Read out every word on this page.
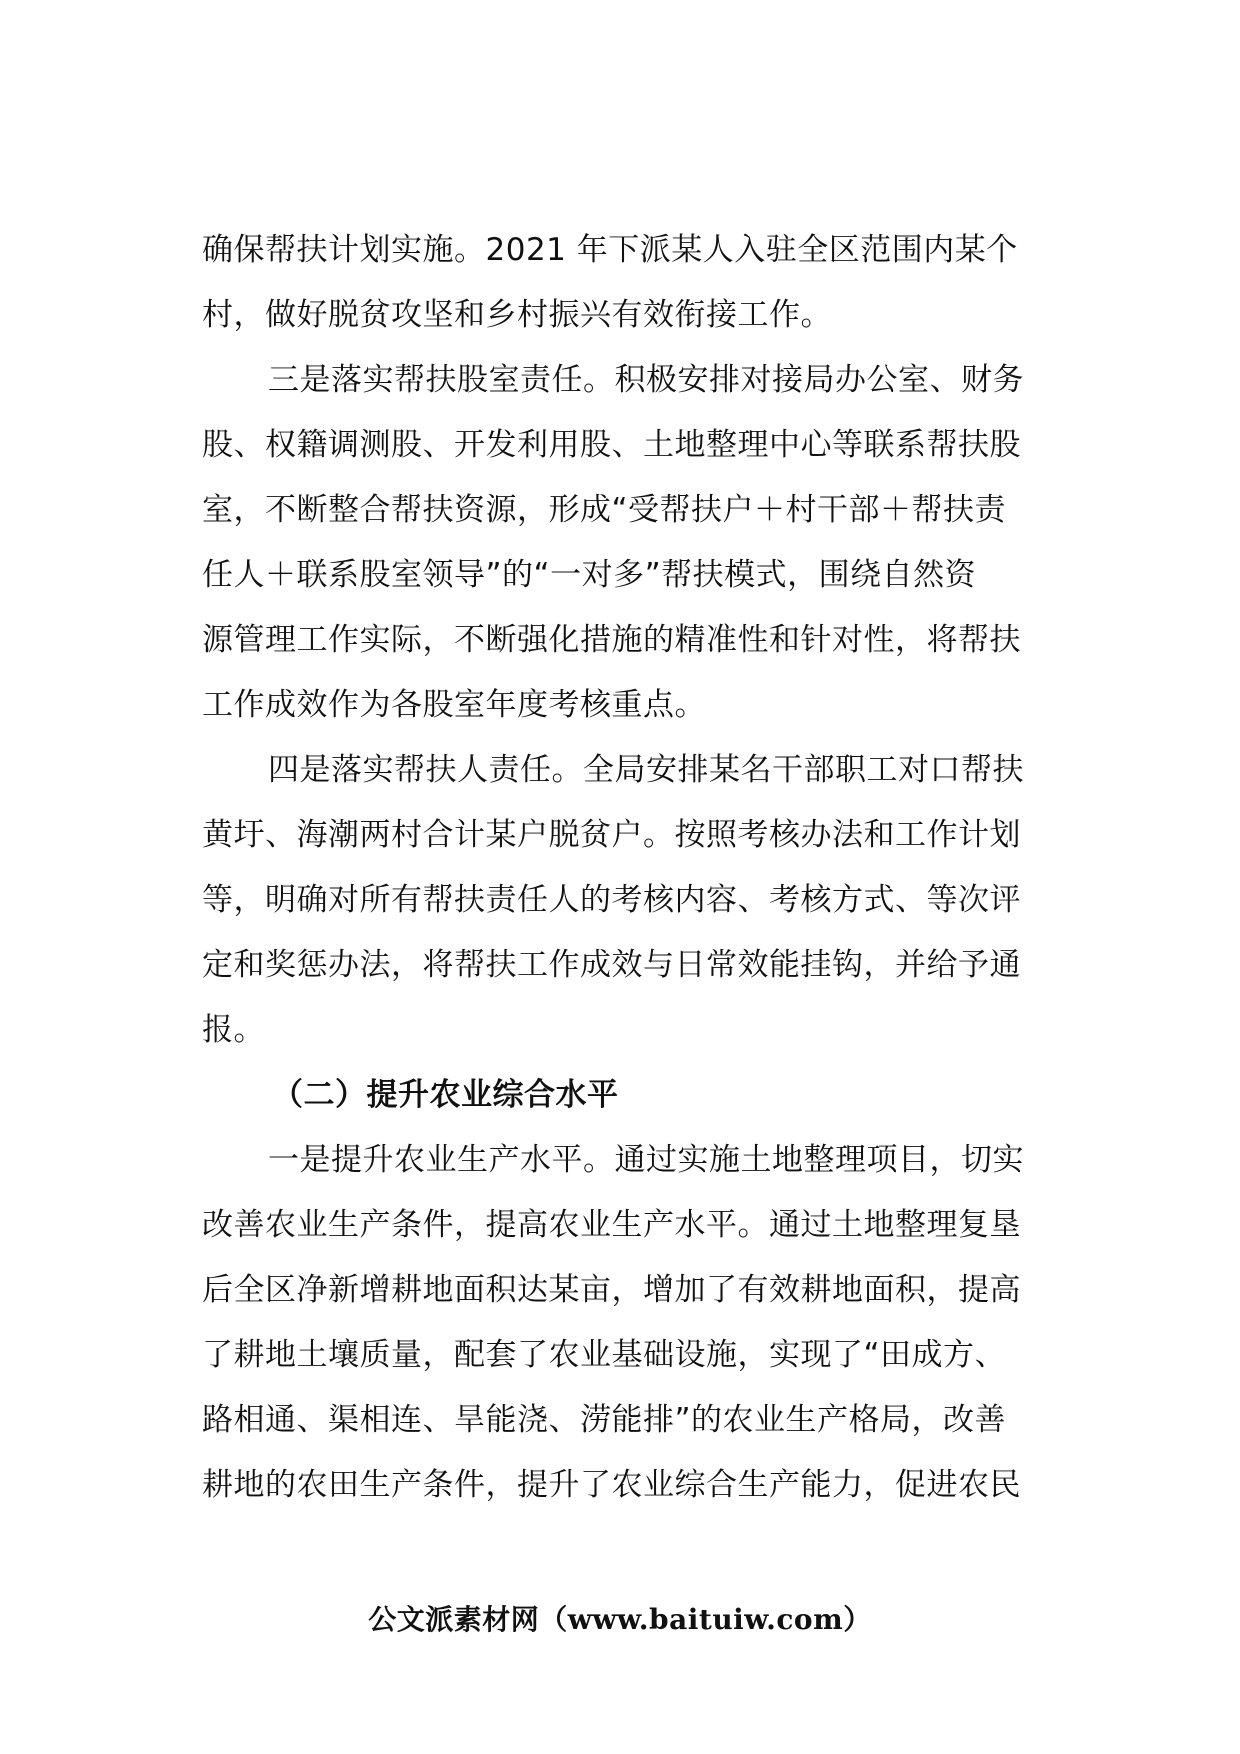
确保帮扶计划实施。2021 年下派某人入驻全区范围内某个
村，做好脱贫攻坚和乡村振兴有效衔接工作。
三是落实帮扶股室责任。积极安排对接局办公室、财务
股、权籍调测股、开发利用股、土地整理中心等联系帮扶股
室，不断整合帮扶资源，形成“受帮扶户＋村干部＋帮扶责
任人＋联系股室领导”的“一对多”帮扶模式，围绕自然资
源管理工作实际，不断强化措施的精准性和针对性，将帮扶
工作成效作为各股室年度考核重点。
四是落实帮扶人责任。全局安排某名干部职工对口帮扶
黄圩、海潮两村合计某户脱贫户。按照考核办法和工作计划
等，明确对所有帮扶责任人的考核内容、考核方式、等次评
定和奖惩办法，将帮扶工作成效与日常效能挂钩，并给予通
报。
（二）提升农业综合水平
一是提升农业生产水平。通过实施土地整理项目，切实
改善农业生产条件，提高农业生产水平。通过土地整理复垦
后全区净新增耕地面积达某亩，增加了有效耕地面积，提高
了耕地土壤质量，配套了农业基础设施，实现了“田成方、
路相通、渠相连、旱能浇、涝能排”的农业生产格局，改善
耕地的农田生产条件，提升了农业综合生产能力，促进农民
公文派素材网（www.baituiw.com）
